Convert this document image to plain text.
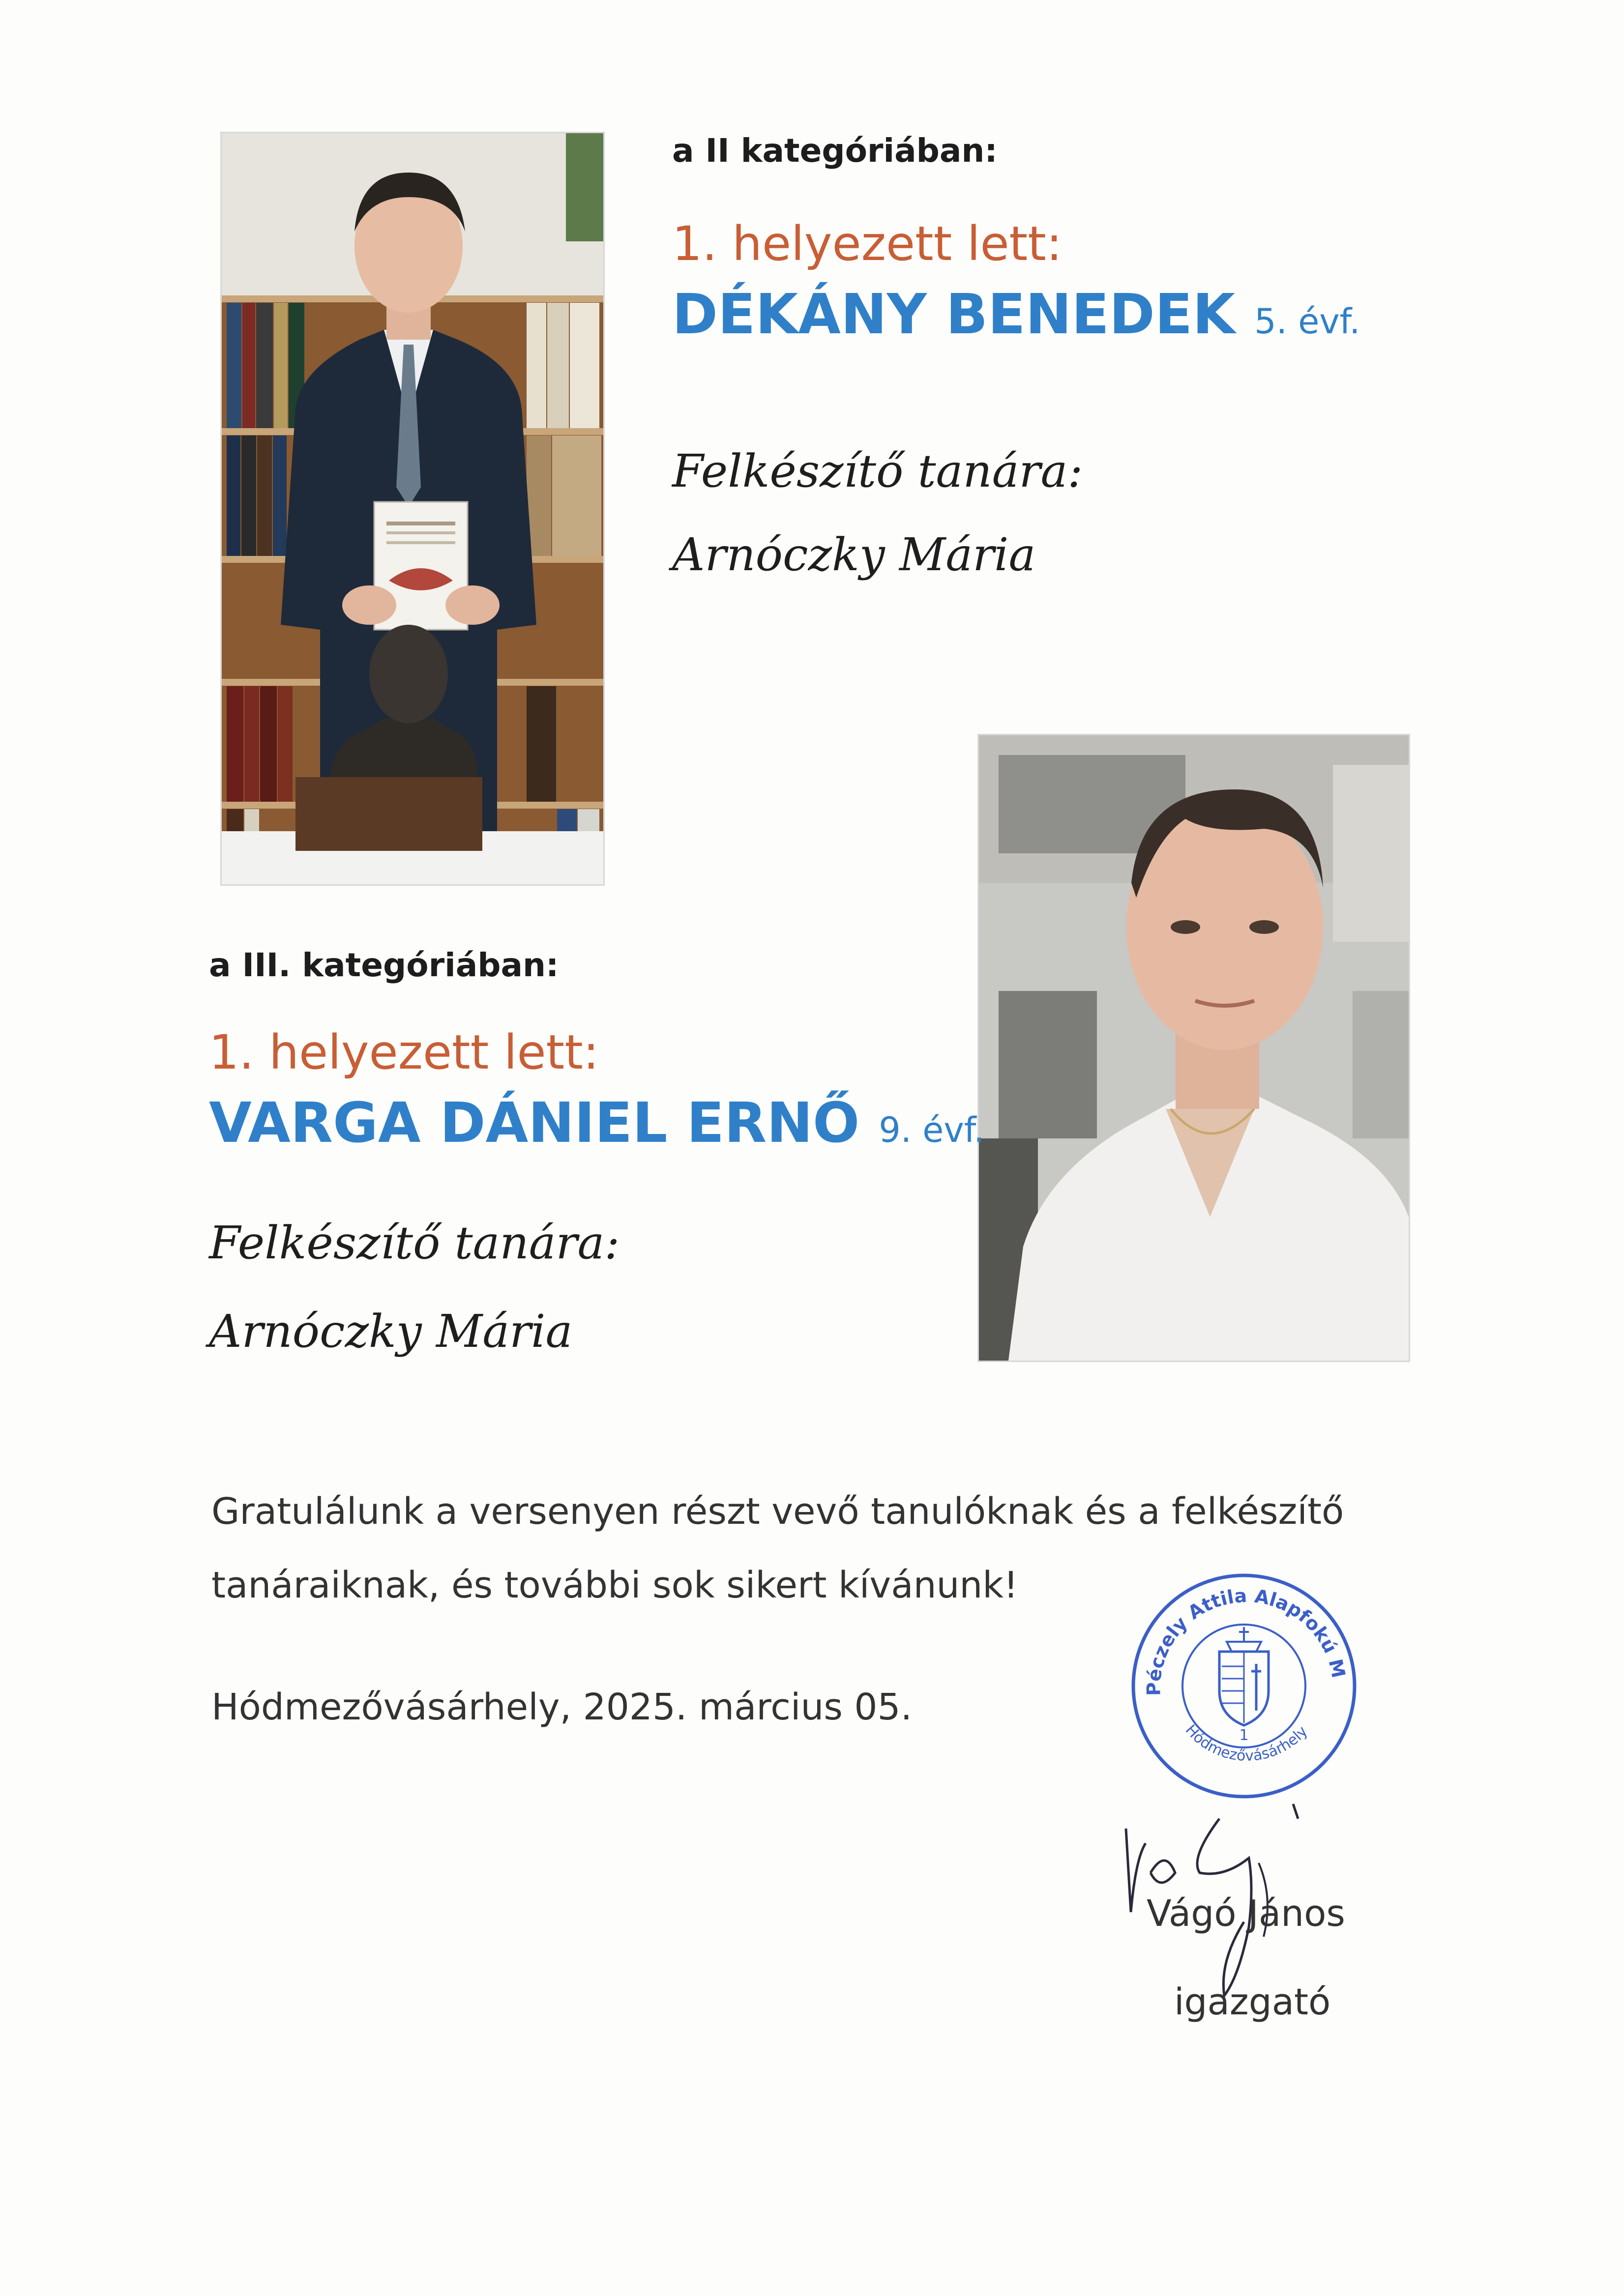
a II kategóriában:
1. helyezett lett:
DÉKÁNY BENEDEK 5. évf.
Felkészítő tanára:
Arnóczky Mária
a III. kategóriában:
1. helyezett lett:
VARGA DÁNIEL ERNŐ 9. évf.
Felkészítő tanára:
Arnóczky Mária
Gratulálunk a versenyen részt vevő tanulóknak és a felkészítő tanáraiknak, és további sok sikert kívánunk!
Hódmezővásárhely, 2025. március 05.	Péczely Attila Alapfokú M
Hódmezővásárhely
1
Vágó János
igazgató
